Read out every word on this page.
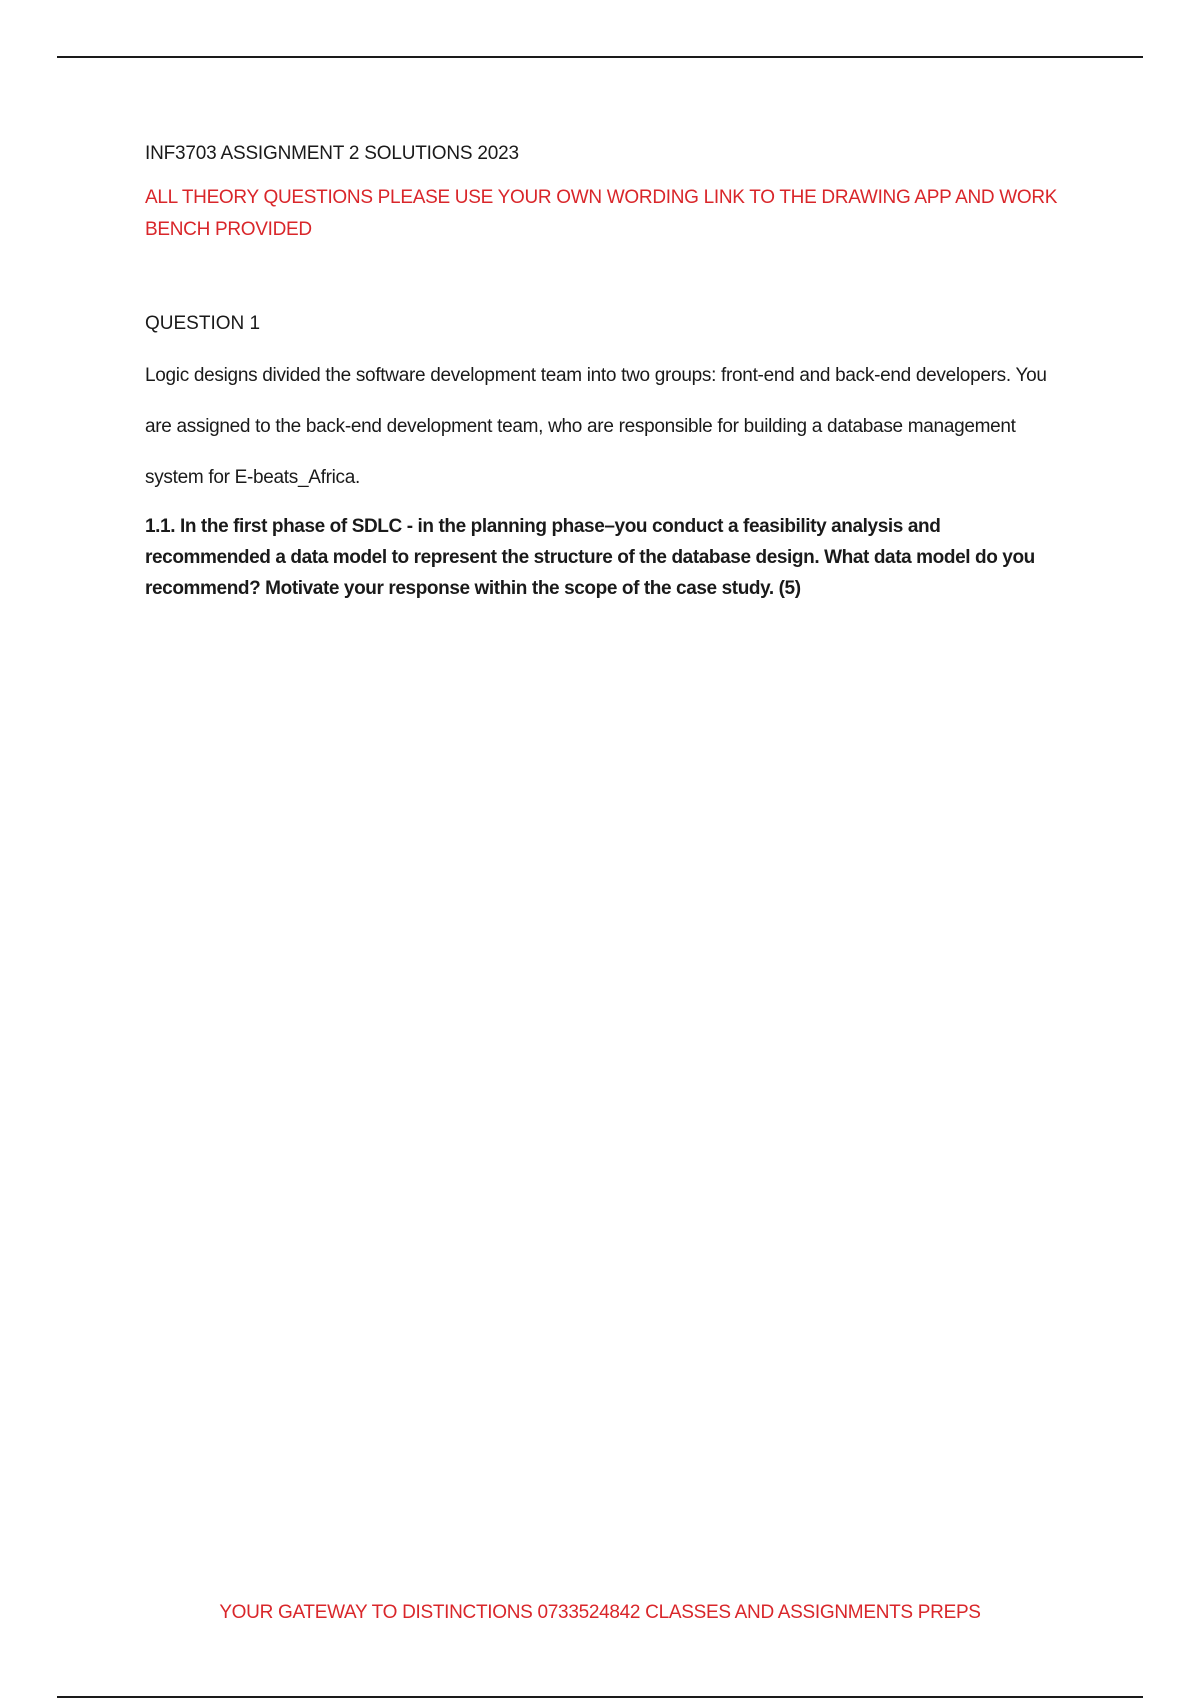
INF3703 ASSIGNMENT 2 SOLUTIONS 2023

ALL THEORY QUESTIONS PLEASE USE YOUR OWN WORDING LINK TO THE DRAWING APP AND WORK BENCH PROVIDED

QUESTION 1

Logic designs divided the software development team into two groups: front-end and back-end developers. You are assigned to the back-end development team, who are responsible for building a database management system for E-beats_Africa.

1.1. In the first phase of SDLC - in the planning phase–you conduct a feasibility analysis and recommended a data model to represent the structure of the database design. What data model do you recommend? Motivate your response within the scope of the case study. (5)

YOUR GATEWAY TO DISTINCTIONS 0733524842 CLASSES AND ASSIGNMENTS PREPS
